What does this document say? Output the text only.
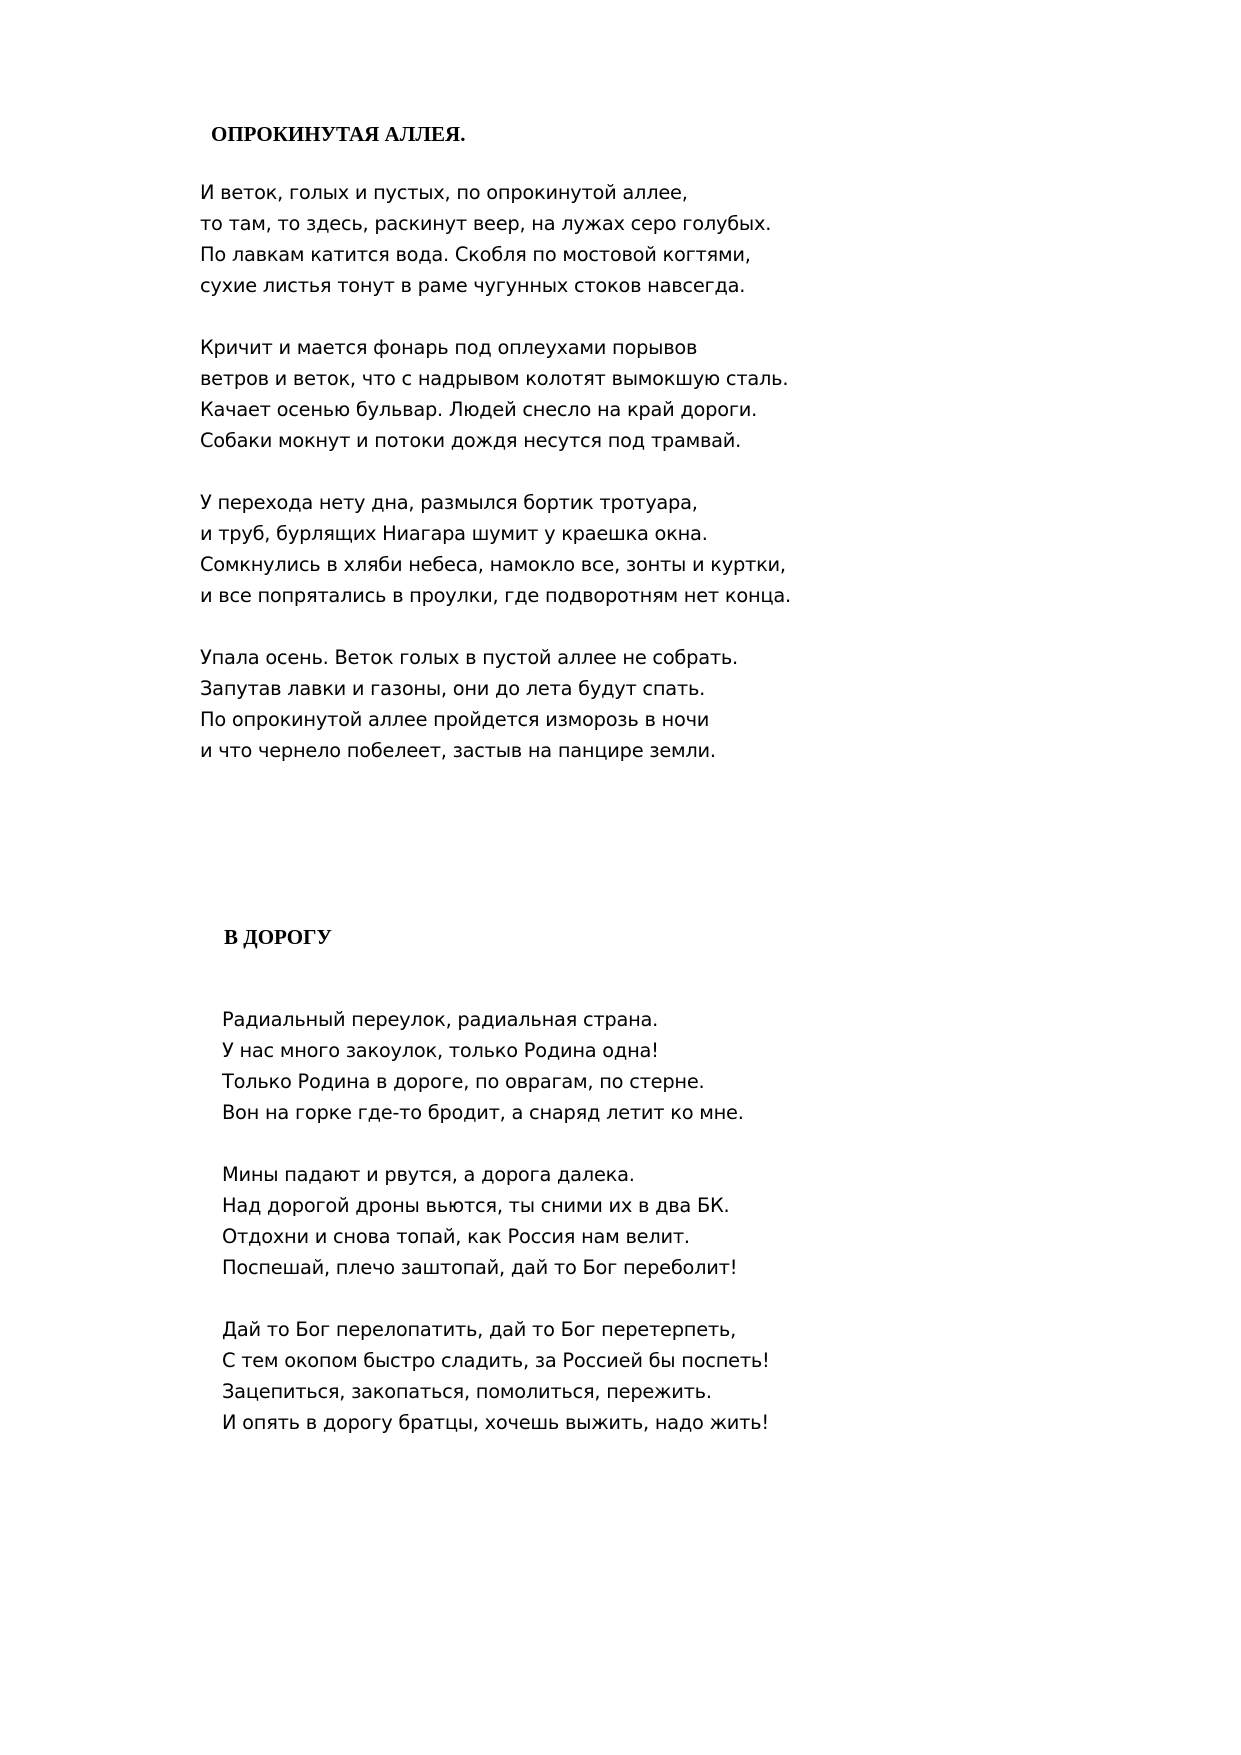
ОПРОКИНУТАЯ АЛЛЕЯ.
И веток, голых и пустых, по опрокинутой аллее,
то там, то здесь, раскинут веер, на лужах серо голубых.
По лавкам катится вода. Скобля по мостовой когтями,
сухие листья тонут в раме чугунных стоков навсегда.
Кричит и мается фонарь под оплеухами порывов
ветров и веток, что с надрывом колотят вымокшую сталь.
Качает осенью бульвар. Людей снесло на край дороги.
Собаки мокнут и потоки дождя несутся под трамвай.
У перехода нету дна, размылся бортик тротуара,
и труб, бурлящих Ниагара шумит у краешка окна.
Сомкнулись в хляби небеса, намокло все, зонты и куртки,
и все попрятались в проулки, где подворотням нет конца.
Упала осень. Веток голых в пустой аллее не собрать.
Запутав лавки и газоны, они до лета будут спать.
По опрокинутой аллее пройдется изморозь в ночи
и что чернело побелеет, застыв на панцире земли.
В ДОРОГУ
Радиальный переулок, радиальная страна.
У нас много закоулок, только Родина одна!
Только Родина в дороге, по оврагам, по стерне.
Вон на горке где-то бродит, а снаряд летит ко мне.
Мины падают и рвутся, а дорога далека.
Над дорогой дроны вьются, ты сними их в два БК.
Отдохни и снова топай, как Россия нам велит.
Поспешай, плечо заштопай, дай то Бог переболит!
Дай то Бог перелопатить, дай то Бог перетерпеть,
С тем окопом быстро сладить, за Россией бы поспеть!
Зацепиться, закопаться, помолиться, пережить.
И опять в дорогу братцы, хочешь выжить, надо жить!
